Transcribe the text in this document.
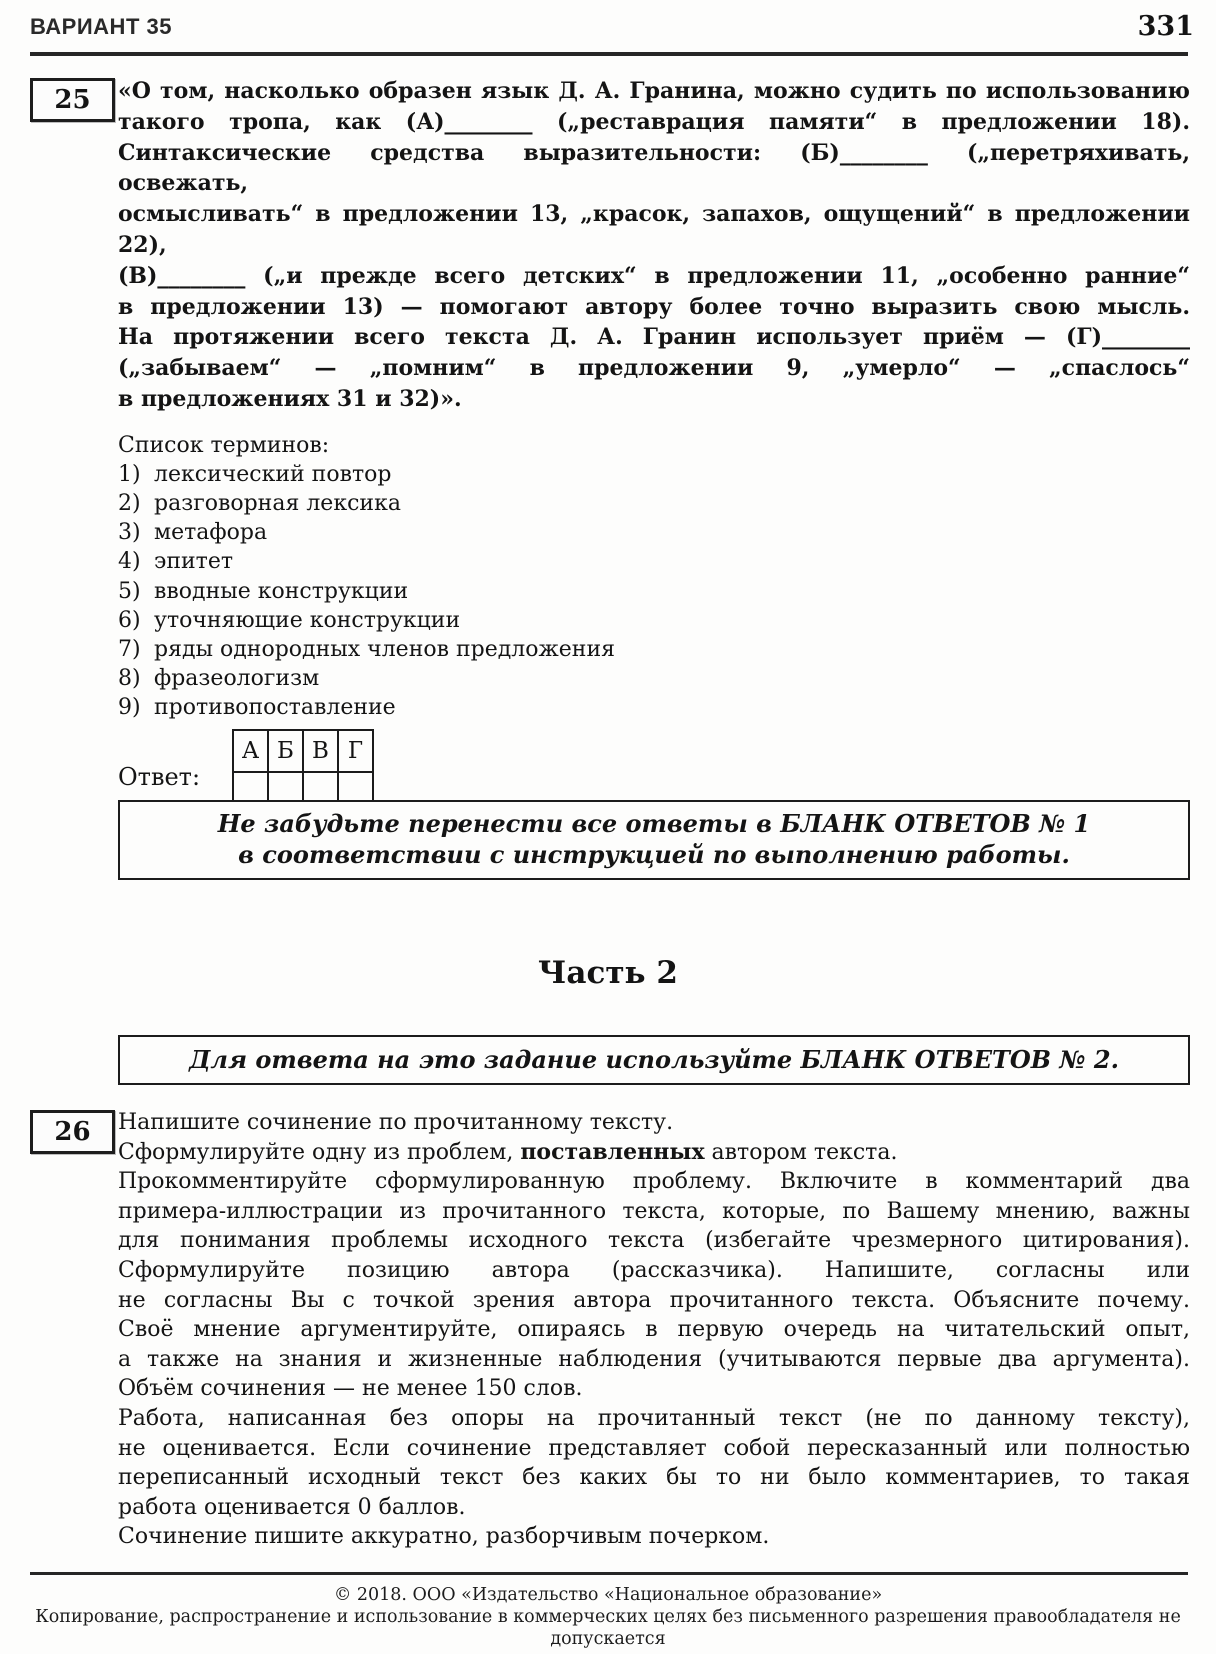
ВАРИАНТ 35	331
25	«О том, насколько образен язык Д. А. Гранина, можно судить по использованию
такого тропа, как (А)________ („реставрация памяти“ в предложении 18).
Синтаксические средства выразительности: (Б)________ („перетряхивать, освежать,
осмысливать“ в предложении 13, „красок, запахов, ощущений“ в предложении 22),
(В)________ („и прежде всего детских“ в предложении 11, „особенно ранние“
в предложении 13) — помогают автору более точно выразить свою мысль.
На протяжении всего текста Д. А. Гранин использует приём — (Г)________
(„забываем“ — „помним“ в предложении 9, „умерло“ — „спаслось“
в предложениях 31 и 32)».
Список терминов:
1) лексический повтор
2) разговорная лексика
3) метафора
4) эпитет
5) вводные конструкции
6) уточняющие конструкции
7) ряды однородных членов предложения
8) фразеологизм
9) противопоставление
Ответ:
А	Б	В	Г

Не забудьте перенести все ответы в БЛАНК ОТВЕТОВ № 1
в соответствии с инструкцией по выполнению работы.
Часть 2
Для ответа на это задание используйте БЛАНК ОТВЕТОВ № 2.
26	Напишите сочинение по прочитанному тексту.
Сформулируйте одну из проблем, поставленных автором текста.
Прокомментируйте сформулированную проблему. Включите в комментарий два
примера-иллюстрации из прочитанного текста, которые, по Вашему мнению, важны
для понимания проблемы исходного текста (избегайте чрезмерного цитирования).
Сформулируйте позицию автора (рассказчика). Напишите, согласны или
не согласны Вы с точкой зрения автора прочитанного текста. Объясните почему.
Своё мнение аргументируйте, опираясь в первую очередь на читательский опыт,
а также на знания и жизненные наблюдения (учитываются первые два аргумента).
Объём сочинения — не менее 150 слов.
Работа, написанная без опоры на прочитанный текст (не по данному тексту),
не оценивается. Если сочинение представляет собой пересказанный или полностью
переписанный исходный текст без каких бы то ни было комментариев, то такая
работа оценивается 0 баллов.
Сочинение пишите аккуратно, разборчивым почерком.
© 2018. ООО «Издательство «Национальное образование»
Копирование, распространение и использование в коммерческих целях без письменного разрешения правообладателя не допускается
